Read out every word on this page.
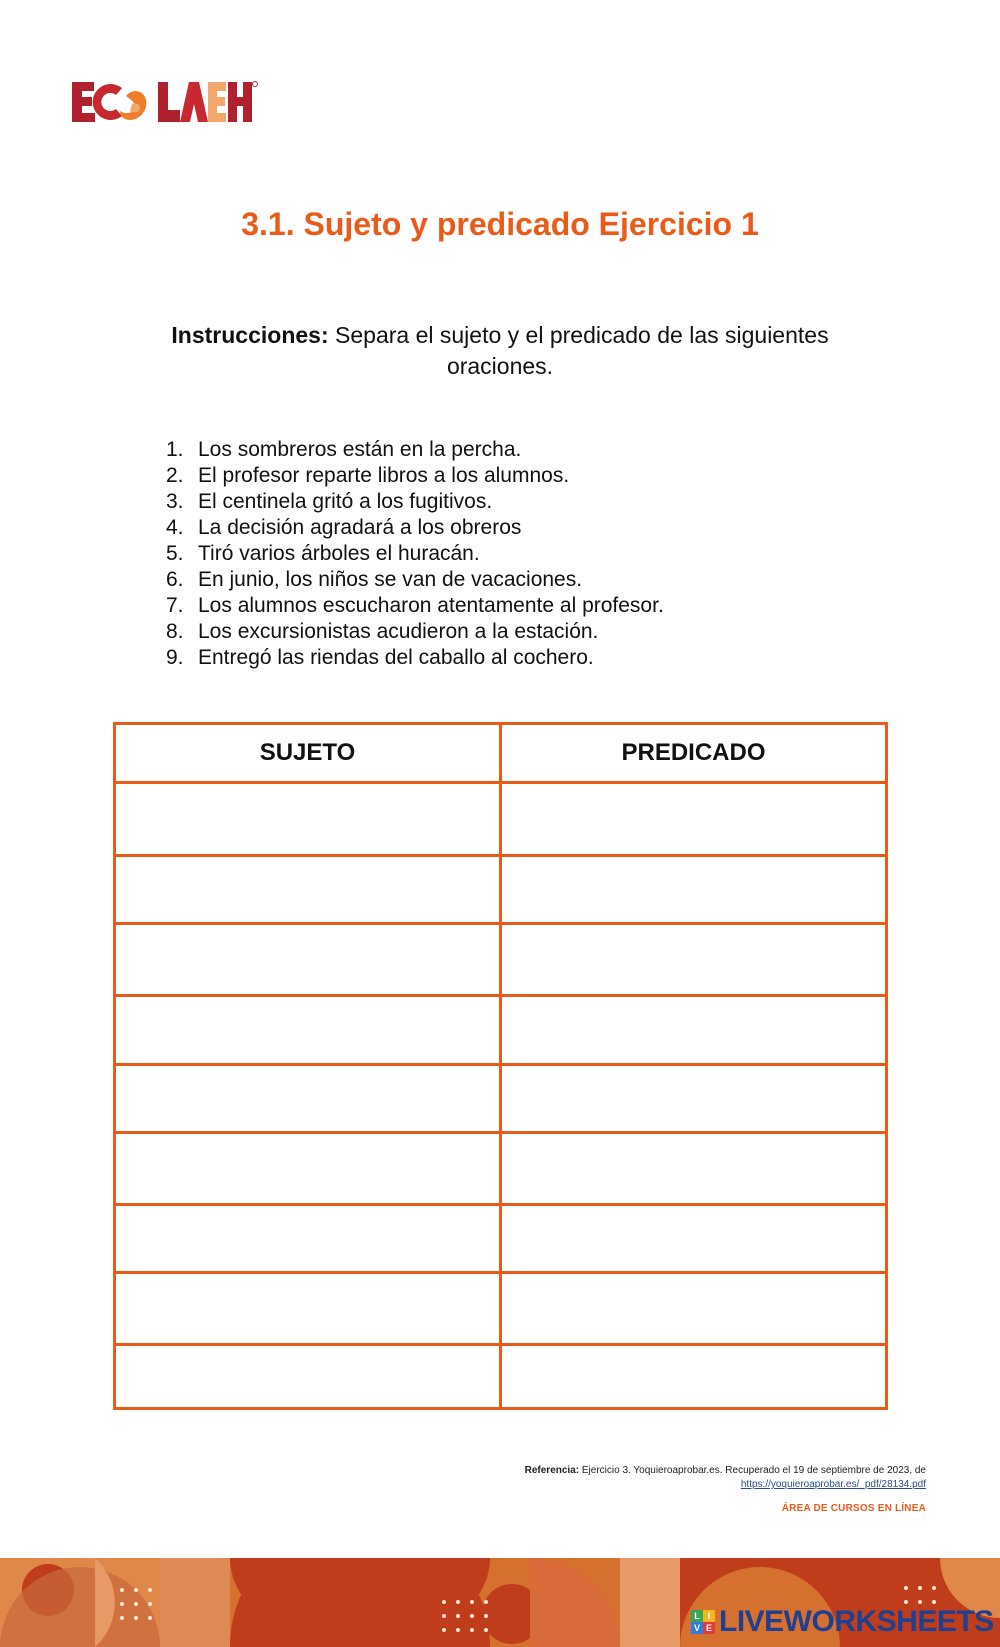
3.1. Sujeto y predicado Ejercicio 1
Instrucciones: Separa el sujeto y el predicado de las siguientes oraciones.
1. Los sombreros están en la percha.
2. El profesor reparte libros a los alumnos.
3. El centinela gritó a los fugitivos.
4. La decisión agradará a los obreros
5. Tiró varios árboles el huracán.
6. En junio, los niños se van de vacaciones.
7. Los alumnos escucharon atentamente al profesor.
8. Los excursionistas acudieron a la estación.
9. Entregó las riendas del caballo al cochero.
SUJETO	PREDICADO

Referencia: Ejercicio 3. Yoquieroaprobar.es. Recuperado el 19 de septiembre de 2023, de
https://yoquieroaprobar.es/_pdf/28134.pdf
ÁREA DE CURSOS EN LÍNEA
L I
V E LIVEWORKSHEETS
